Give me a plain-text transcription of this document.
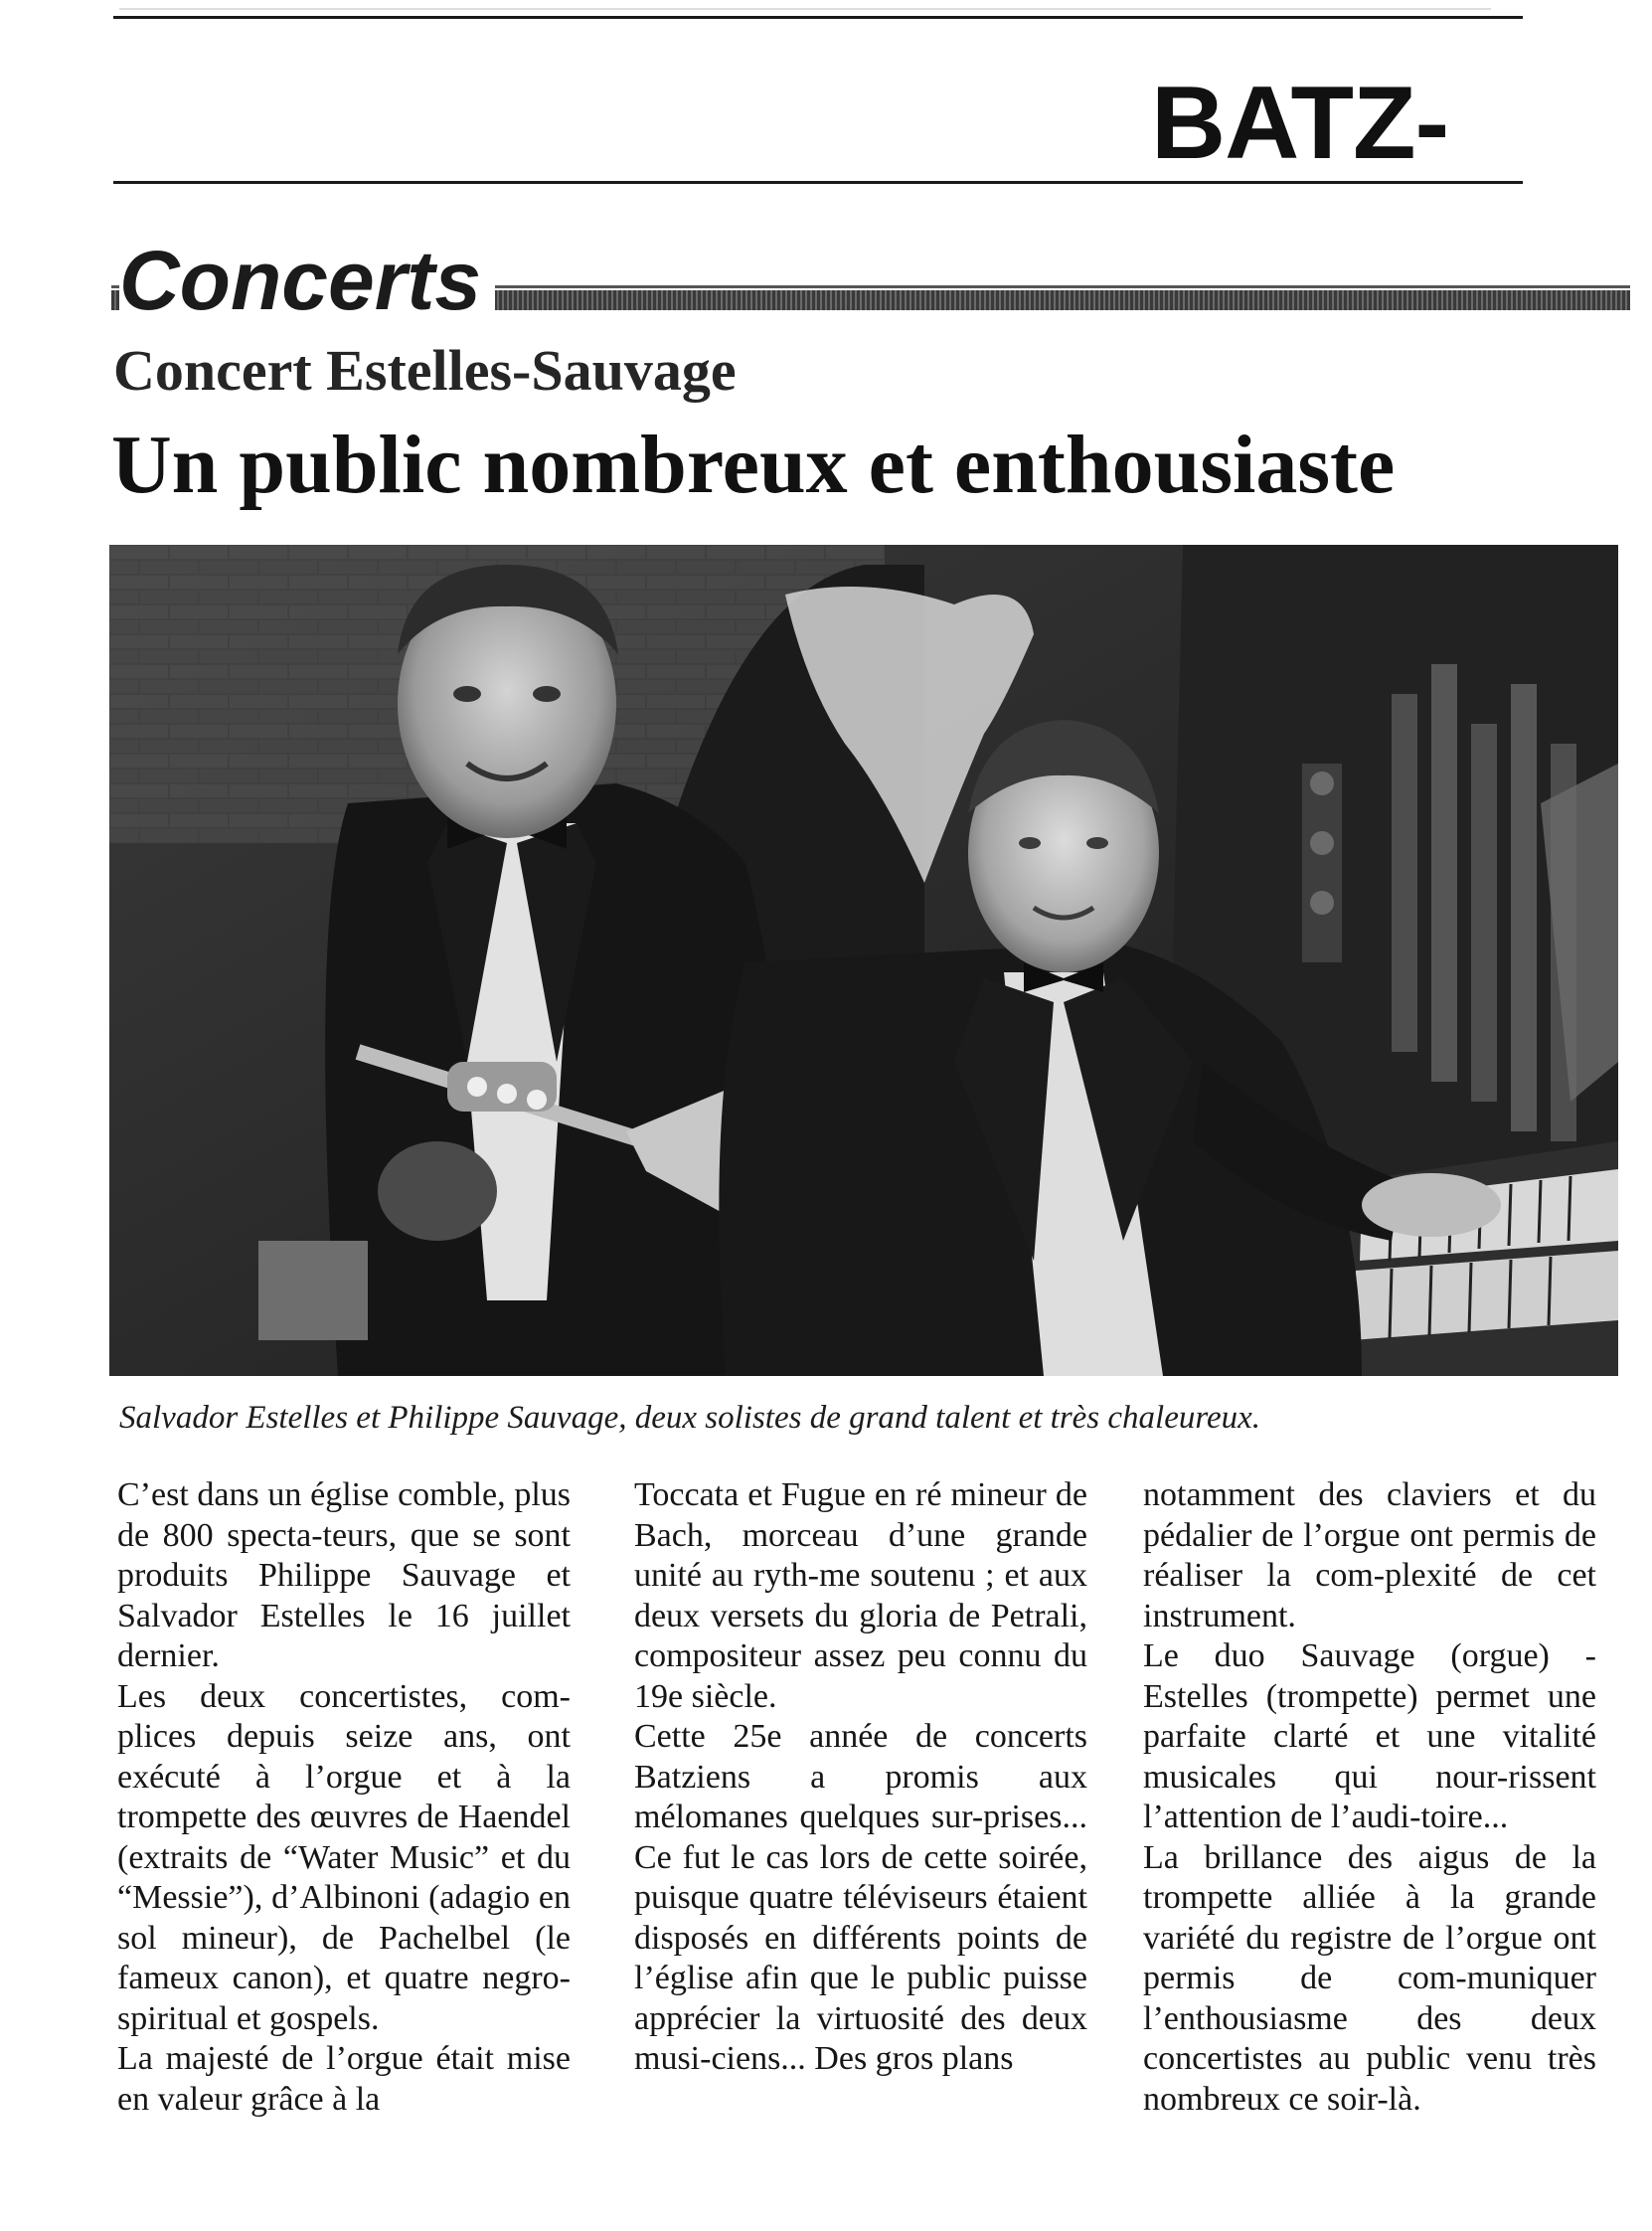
BATZ-
Concerts
Concert Estelles-Sauvage
Un public nombreux et enthousiaste

Salvador Estelles et Philippe Sauvage, deux solistes de grand talent et très chaleureux.

C’est dans un église comble, plus de 800 specta-teurs, que se sont produits Philippe Sauvage et Salvador Estelles le 16 juillet dernier.

Les deux concertistes, com-plices depuis seize ans, ont exécuté à l’orgue et à la trompette des œuvres de Haendel (extraits de “Water Music” et du “Messie”), d’Albinoni (adagio en sol mineur), de Pachelbel (le fameux canon), et quatre negro-spiritual et gospels.

La majesté de l’orgue était mise en valeur grâce à la

Toccata et Fugue en ré mineur de Bach, morceau d’une grande unité au ryth-me soutenu ; et aux deux versets du gloria de Petrali, compositeur assez peu connu du 19e siècle.

Cette 25e année de concerts Batziens a promis aux mélomanes quelques sur-prises... Ce fut le cas lors de cette soirée, puisque quatre téléviseurs étaient disposés en différents points de l’église afin que le public puisse apprécier la virtuosité des deux musi-ciens... Des gros plans

notamment des claviers et du pédalier de l’orgue ont permis de réaliser la com-plexité de cet instrument.

Le duo Sauvage (orgue) - Estelles (trompette) permet une parfaite clarté et une vitalité musicales qui nour-rissent l’attention de l’audi-toire...

La brillance des aigus de la trompette alliée à la grande variété du registre de l’orgue ont permis de com-muniquer l’enthousiasme des deux concertistes au public venu très nombreux ce soir-là.
